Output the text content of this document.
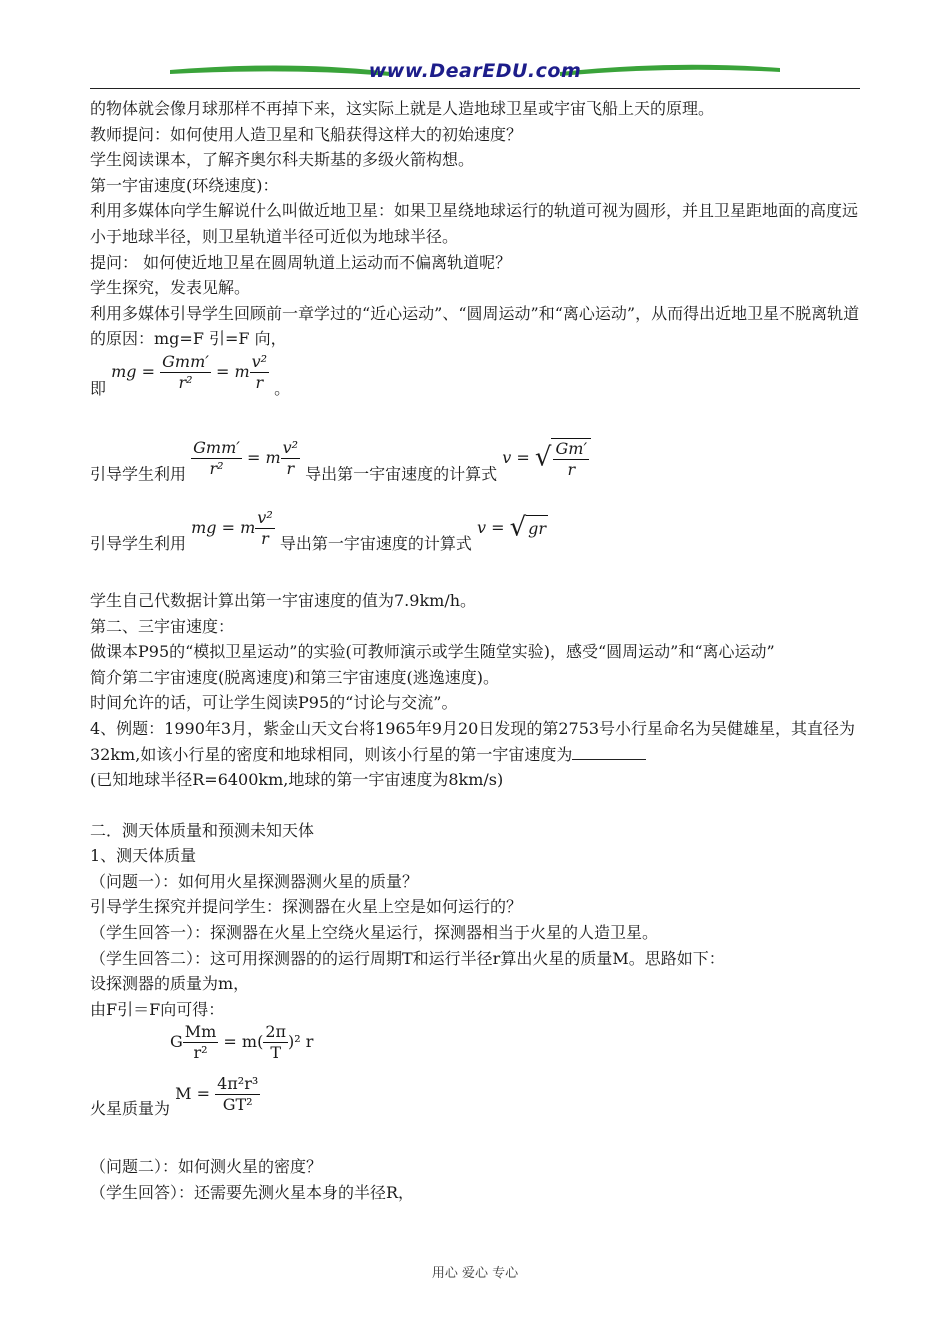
www.DearEDU.com
的物体就会像月球那样不再掉下来，这实际上就是人造地球卫星或宇宙飞船上天的原理。
教师提问：如何使用人造卫星和飞船获得这样大的初始速度？
学生阅读课本，了解齐奥尔科夫斯基的多级火箭构想。
第一宇宙速度(环绕速度)：
利用多媒体向学生解说什么叫做近地卫星：如果卫星绕地球运行的轨道可视为圆形，并且卫星距地面的高度远小于地球半径，则卫星轨道半径可近似为地球半径。
提问： 如何使近地卫星在圆周轨道上运动而不偏离轨道呢？
学生探究，发表见解。
利用多媒体引导学生回顾前一章学过的“近心运动”、“圆周运动”和“离心运动”，从而得出近地卫星不脱离轨道的原因：mg=F 引=F 向，
即 mg = $\frac{\text{Gmm′}}{\text{r²}} = m \frac{\text{v²}}{r}$ 。
引导学生利用 $\frac{\text{Gmm′}}{\text{r²}} = m \frac{\text{v²}}{r}$ 导出第一宇宙速度的计算式 v = √ $\frac{Gm'}{r}$
引导学生利用 mg = m $\frac{\text{v²}}{r}$ 导出第一宇宙速度的计算式 v = √ gr
学生自己代数据计算出第一宇宙速度的值为7.9km/h。
第二、三宇宙速度：
做课本P95的“模拟卫星运动”的实验(可教师演示或学生随堂实验)，感受“圆周运动”和“离心运动”
简介第二宇宙速度(脱离速度)和第三宇宙速度(逃逸速度)。
时间允许的话，可让学生阅读P95的“讨论与交流”。
4、例题：1990年3月，紫金山天文台将1965年9月20日发现的第2753号小行星命名为吴健雄星，其直径为32km,如该小行星的密度和地球相同，则该小行星的第一宇宙速度为
(已知地球半径R=6400km,地球的第一宇宙速度为8km/s)
二．测天体质量和预测未知天体
1、测天体质量
（问题一）：如何用火星探测器测火星的质量？
引导学生探究并提问学生：探测器在火星上空是如何运行的？
（学生回答一）：探测器在火星上空绕火星运行，探测器相当于火星的人造卫星。
（学生回答二）：这可用探测器的的运行周期T和运行半径r算出火星的质量M。思路如下：
设探测器的质量为m，
由F引＝F向可得：
G $\frac{Mm}{\text{r²}} = m( \frac{2\pi}{T} )^2$ r
火星质量为 $M = \frac{\text{4π²r³}}{\text{GT²}}$
（问题二）：如何测火星的密度？
（学生回答）：还需要先测火星本身的半径R，
用心 爱心 专心
